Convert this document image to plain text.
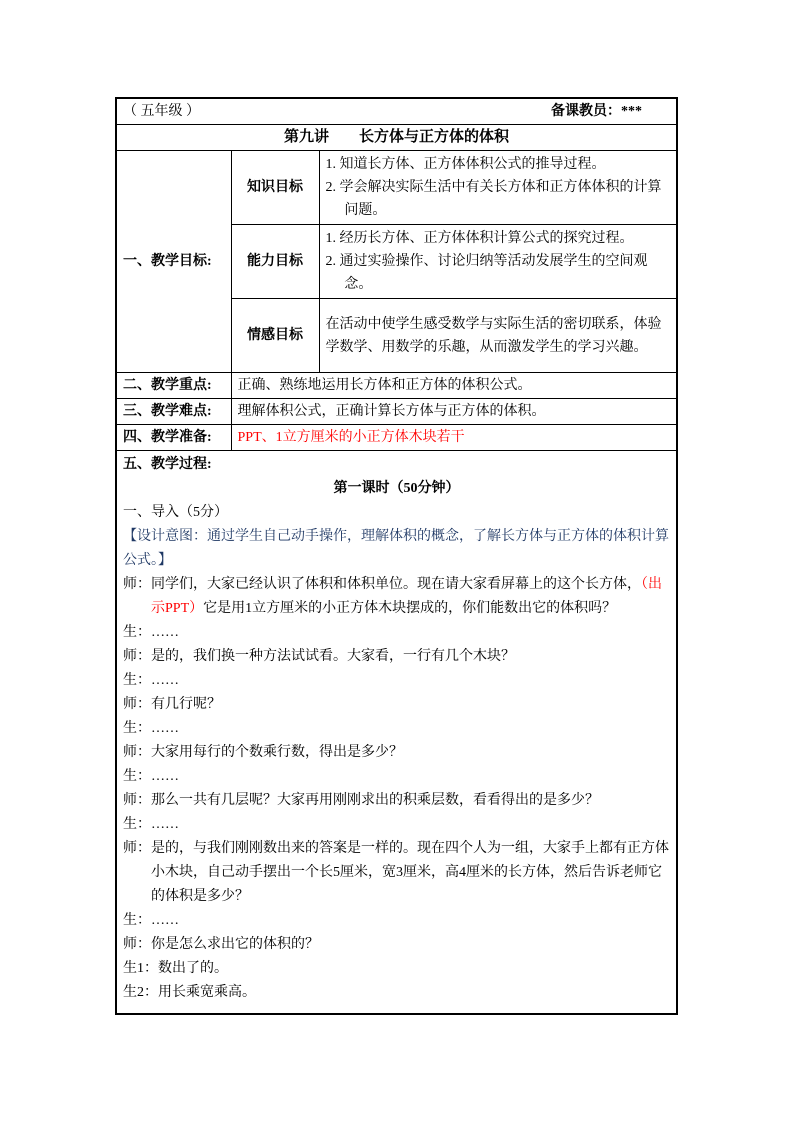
（ 五年级 ） 备课教员：***		

第九讲　　长方体与正方体的体积		
一、教学目标:	知识目标	1. 知道长方体、正方体体积公式的推导过程。

2. 学会解决实际生活中有关长方体和正方体体积的计算问题。

	能力目标	1. 经历长方体、正方体体积计算公式的探究过程。

2. 通过实验操作、讨论归纳等活动发展学生的空间观念。

	情感目标	在活动中使学生感受数学与实际生活的密切联系，体验学数学、用数学的乐趣，从而激发学生的学习兴趣。

二、教学重点:	正确、熟练地运用长方体和正方体的体积公式。	
三、教学难点:	理解体积公式，正确计算长方体与正方体的体积。	
四、教学准备:	PPT、1立方厘米的小正方体木块若干	

五、教学过程:

第一课时（50分钟）

一、导入（5分）

【设计意图：通过学生自己动手操作，理解体积的概念，了解长方体与正方体的体积计算公式。】

师：同学们，大家已经认识了体积和体积单位。现在请大家看屏幕上的这个长方体，（出示PPT）它是用1立方厘米的小正方体木块摆成的，你们能数出它的体积吗？

生：……

师：是的，我们换一种方法试试看。大家看，一行有几个木块？

生：……

师：有几行呢？

生：……

师：大家用每行的个数乘行数，得出是多少？

生：……

师：那么一共有几层呢？大家再用刚刚求出的积乘层数，看看得出的是多少？

生：……

师：是的，与我们刚刚数出来的答案是一样的。现在四个人为一组，大家手上都有正方体小木块，自己动手摆出一个长5厘米，宽3厘米，高4厘米的长方体，然后告诉老师它的体积是多少？

生：……

师：你是怎么求出它的体积的？

生1：数出了的。

生2：用长乘宽乘高。
